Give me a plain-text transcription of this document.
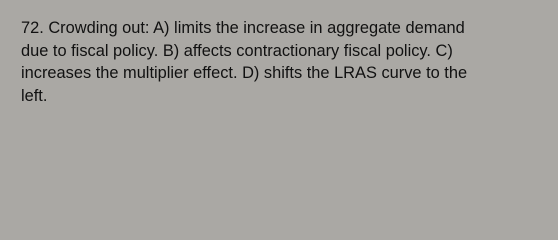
72. Crowding out: A) limits the increase in aggregate demand
due to fiscal policy. B) affects contractionary fiscal policy. C)
increases the multiplier effect. D) shifts the LRAS curve to the
left.
